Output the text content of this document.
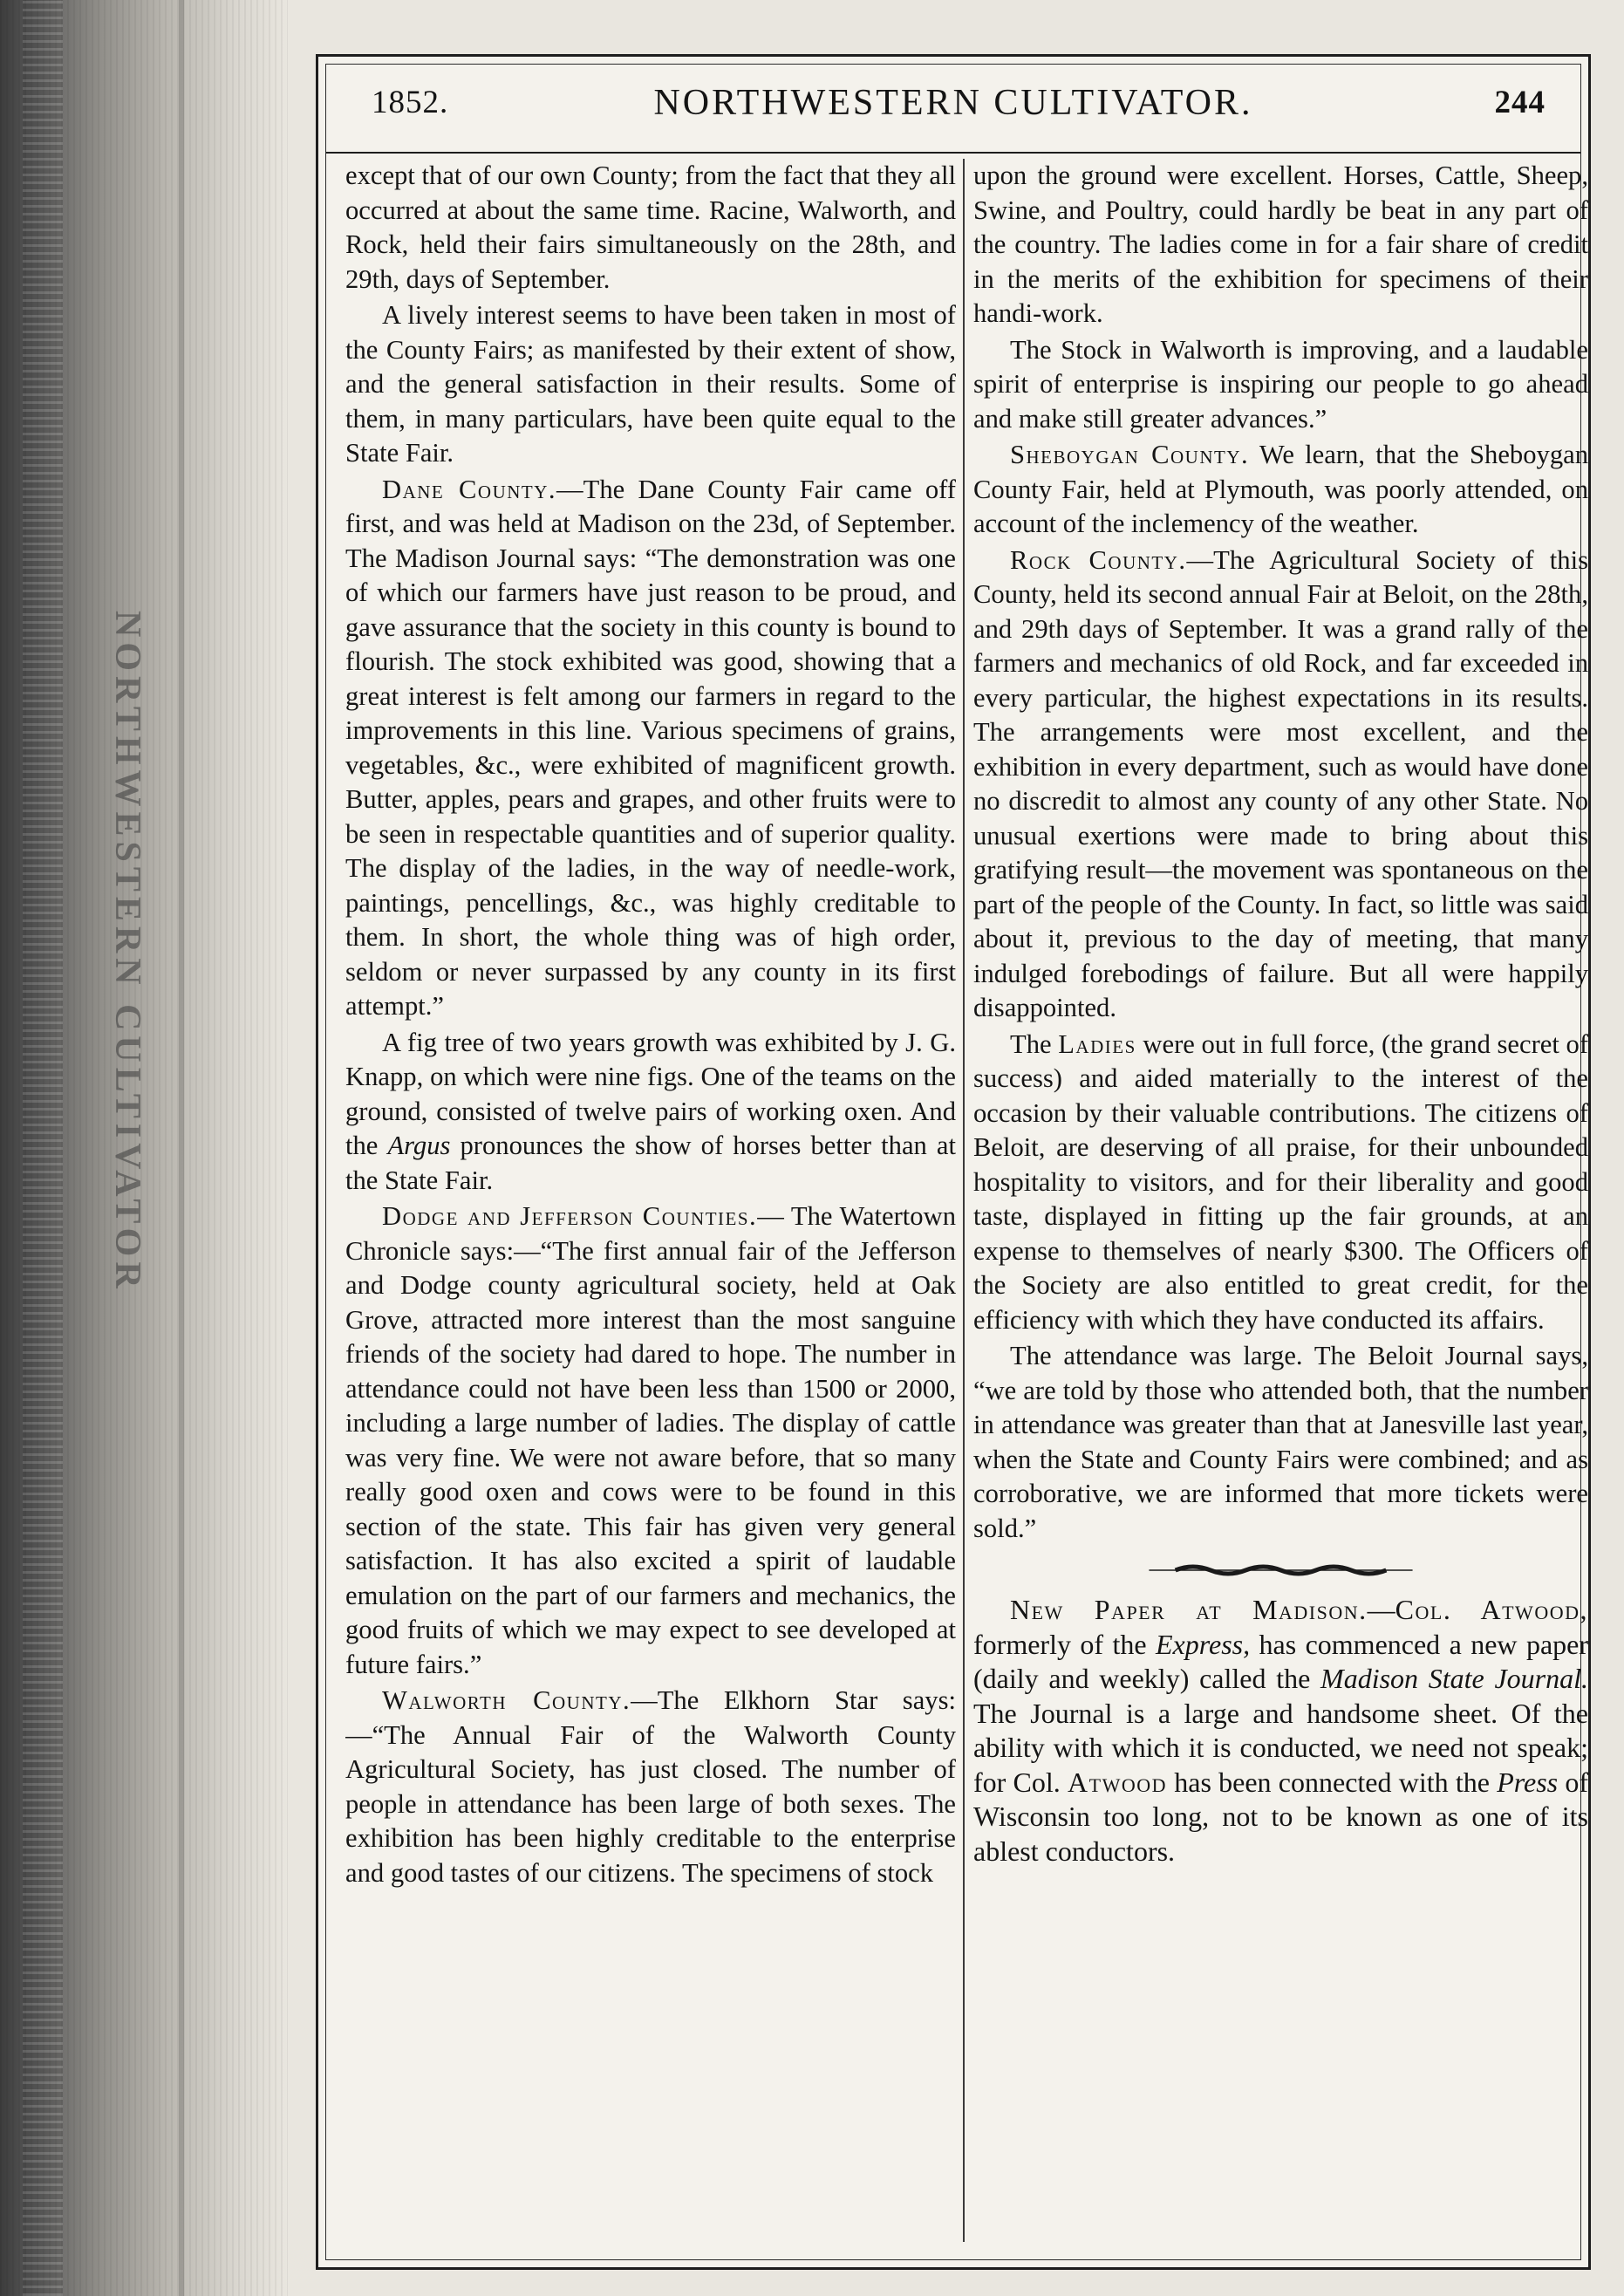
NORTHWESTERN CULTIVATOR
1852.	NORTHWESTERN CULTIVATOR.	244

except that of our own County; from the fact that they all occurred at about the same time. Racine, Walworth, and Rock, held their fairs simultaneously on the 28th, and 29th, days of September.

A lively interest seems to have been taken in most of the County Fairs; as manifested by their extent of show, and the general satisfaction in their results. Some of them, in many particulars, have been quite equal to the State Fair.

Dane County.—The Dane County Fair came off first, and was held at Madison on the 23d, of September. The Madison Journal says: “The demonstration was one of which our farmers have just reason to be proud, and gave assurance that the society in this county is bound to flourish. The stock exhibited was good, showing that a great interest is felt among our farmers in regard to the improvements in this line. Various specimens of grains, vegetables, &c., were exhibited of magnificent growth. Butter, apples, pears and grapes, and other fruits were to be seen in respectable quantities and of superior quality. The display of the ladies, in the way of needle-work, paintings, pencellings, &c., was highly creditable to them. In short, the whole thing was of high order, seldom or never surpassed by any county in its first attempt.”

A fig tree of two years growth was exhibited by J. G. Knapp, on which were nine figs. One of the teams on the ground, consisted of twelve pairs of working oxen. And the Argus pronounces the show of horses better than at the State Fair.

Dodge and Jefferson Counties.— The Watertown Chronicle says:—“The first annual fair of the Jefferson and Dodge county agricultural society, held at Oak Grove, attracted more interest than the most sanguine friends of the society had dared to hope. The number in attendance could not have been less than 1500 or 2000, including a large number of ladies. The display of cattle was very fine. We were not aware before, that so many really good oxen and cows were to be found in this section of the state. This fair has given very general satisfaction. It has also excited a spirit of laudable emulation on the part of our farmers and mechanics, the good fruits of which we may expect to see developed at future fairs.”

Walworth County.—The Elkhorn Star says:—“The Annual Fair of the Walworth County Agricultural Society, has just closed. The number of people in attendance has been large of both sexes. The exhibition has been highly creditable to the enterprise and good tastes of our citizens. The specimens of stock

upon the ground were excellent. Horses, Cattle, Sheep, Swine, and Poultry, could hardly be beat in any part of the country. The ladies come in for a fair share of credit in the merits of the exhibition for specimens of their handi-work.

The Stock in Walworth is improving, and a laudable spirit of enterprise is inspiring our people to go ahead and make still greater advances.”

Sheboygan County. We learn, that the Sheboygan County Fair, held at Plymouth, was poorly attended, on account of the inclemency of the weather.

Rock County.—The Agricultural Society of this County, held its second annual Fair at Beloit, on the 28th, and 29th days of September. It was a grand rally of the farmers and mechanics of old Rock, and far exceeded in every particular, the highest expectations in its results. The arrangements were most excellent, and the exhibition in every department, such as would have done no discredit to almost any county of any other State. No unusual exertions were made to bring about this gratifying result—the movement was spontaneous on the part of the people of the County. In fact, so little was said about it, previous to the day of meeting, that many indulged forebodings of failure. But all were happily disappointed.

The Ladies were out in full force, (the grand secret of success) and aided materially to the interest of the occasion by their valuable contributions. The citizens of Beloit, are deserving of all praise, for their unbounded hospitality to visitors, and for their liberality and good taste, displayed in fitting up the fair grounds, at an expense to themselves of nearly $300. The Officers of the Society are also entitled to great credit, for the efficiency with which they have conducted its affairs.

The attendance was large. The Beloit Journal says, “we are told by those who attended both, that the number in attendance was greater than that at Janesville last year, when the State and County Fairs were combined; and as corroborative, we are informed that more tickets were sold.”

New Paper at Madison.—Col. Atwood, formerly of the Express, has commenced a new paper (daily and weekly) called the Madison State Journal. The Journal is a large and handsome sheet. Of the ability with which it is conducted, we need not speak; for Col. Atwood has been connected with the Press of Wisconsin too long, not to be known as one of its ablest conductors.
